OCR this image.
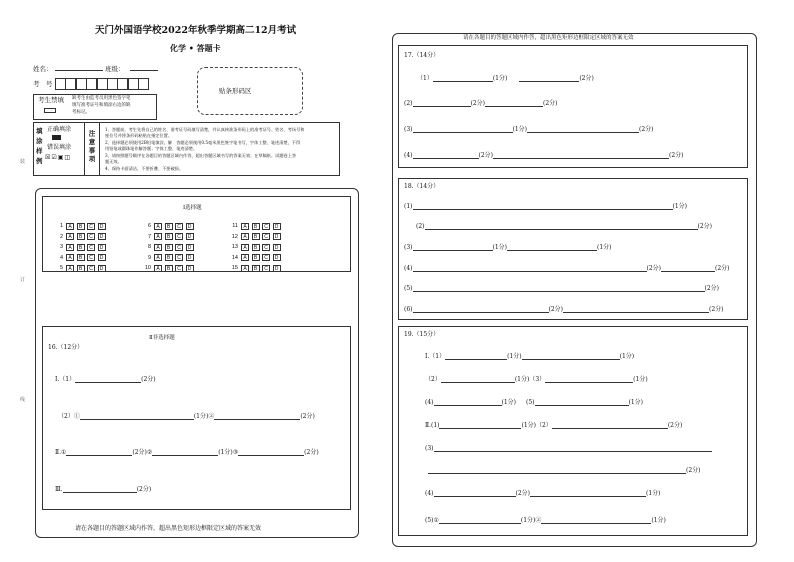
天门外国语学校2022年秋季学期高二12月考试
化学 • 答题卡
姓名：	班级：
考　号
贴条形码区
考生禁填 缺考生由监考员用黑色签字笔
填写准考证号和填涂右边的缺
考标记。
填
涂
样
例
正确填涂
错误填涂
☒☑▣◫	注意事项
1、答题前，考生先将自己的姓名、准考证号码填写清楚，并认真核准条形码上的准考证号、姓名、考场号和
座位号并将条形码粘贴在指定位置。
2、选择题必须使用2B铅笔填涂，解　答题必须使用0.5毫米黑色签字笔书写，字体工整、笔迹清楚，不得
用铅笔或圆珠笔作解答题；字体工整、笔迹清楚。
3、请按照题号顺序在各题目的答题区域内作答，超出答题区域书写的答案无效；在草稿纸、试题卷上答
题无效。
4、保持卡面清洁，不要折叠、不要破损。
装
订
线
Ⅰ选择题
1	A	B	C	D
2	A	B	C	D
3	A	B	C	D
4	A	B	C	D
5	A	B	C	D
6	A	B	C	D
7	A	B	C	D
8	A	B	C	D
9	A	B	C	D
10	A	B	C	D
11	A	B	C	D
12	A	B	C	D
13	A	B	C	D
14	A	B	C	D
15	A	B	C	D
Ⅱ非选择题
16.（12分）
Ⅰ.（1）	(2分)
（2）①	(1分)②	(2分)
Ⅱ.①	(2分)②	(1分)③	(2分)
Ⅲ.	(2分)
请在各题目的答题区域内作答，超出黑色矩形边框限定区域的答案无效
请在各题目的答题区域内作答，超出黑色矩形边框限定区域的答案无效
17.（14分）
（1）	(1分)	(2分)
(2)	(2分)	(2分)
(3)	(1分)	(2分)
(4)	(2分)	(2分)
18.（14分）
(1)	(1分)
(2)	(2分)
(3)	(1分)	(1分)
(4)	(2分)	(2分)
(5)	(2分)
(6)	(2分)	(2分)
19.（15分）
Ⅰ.（1）	(1分)	(1分)
（2）	(1分)（3）	(1分)
(4)	(1分) (5)	(1分)
Ⅱ.(1)	(1分)（2）	(2分)
(3)
(2分)
(4)	(2分)	(1分)
(5)①	(1分)②	(1分)
